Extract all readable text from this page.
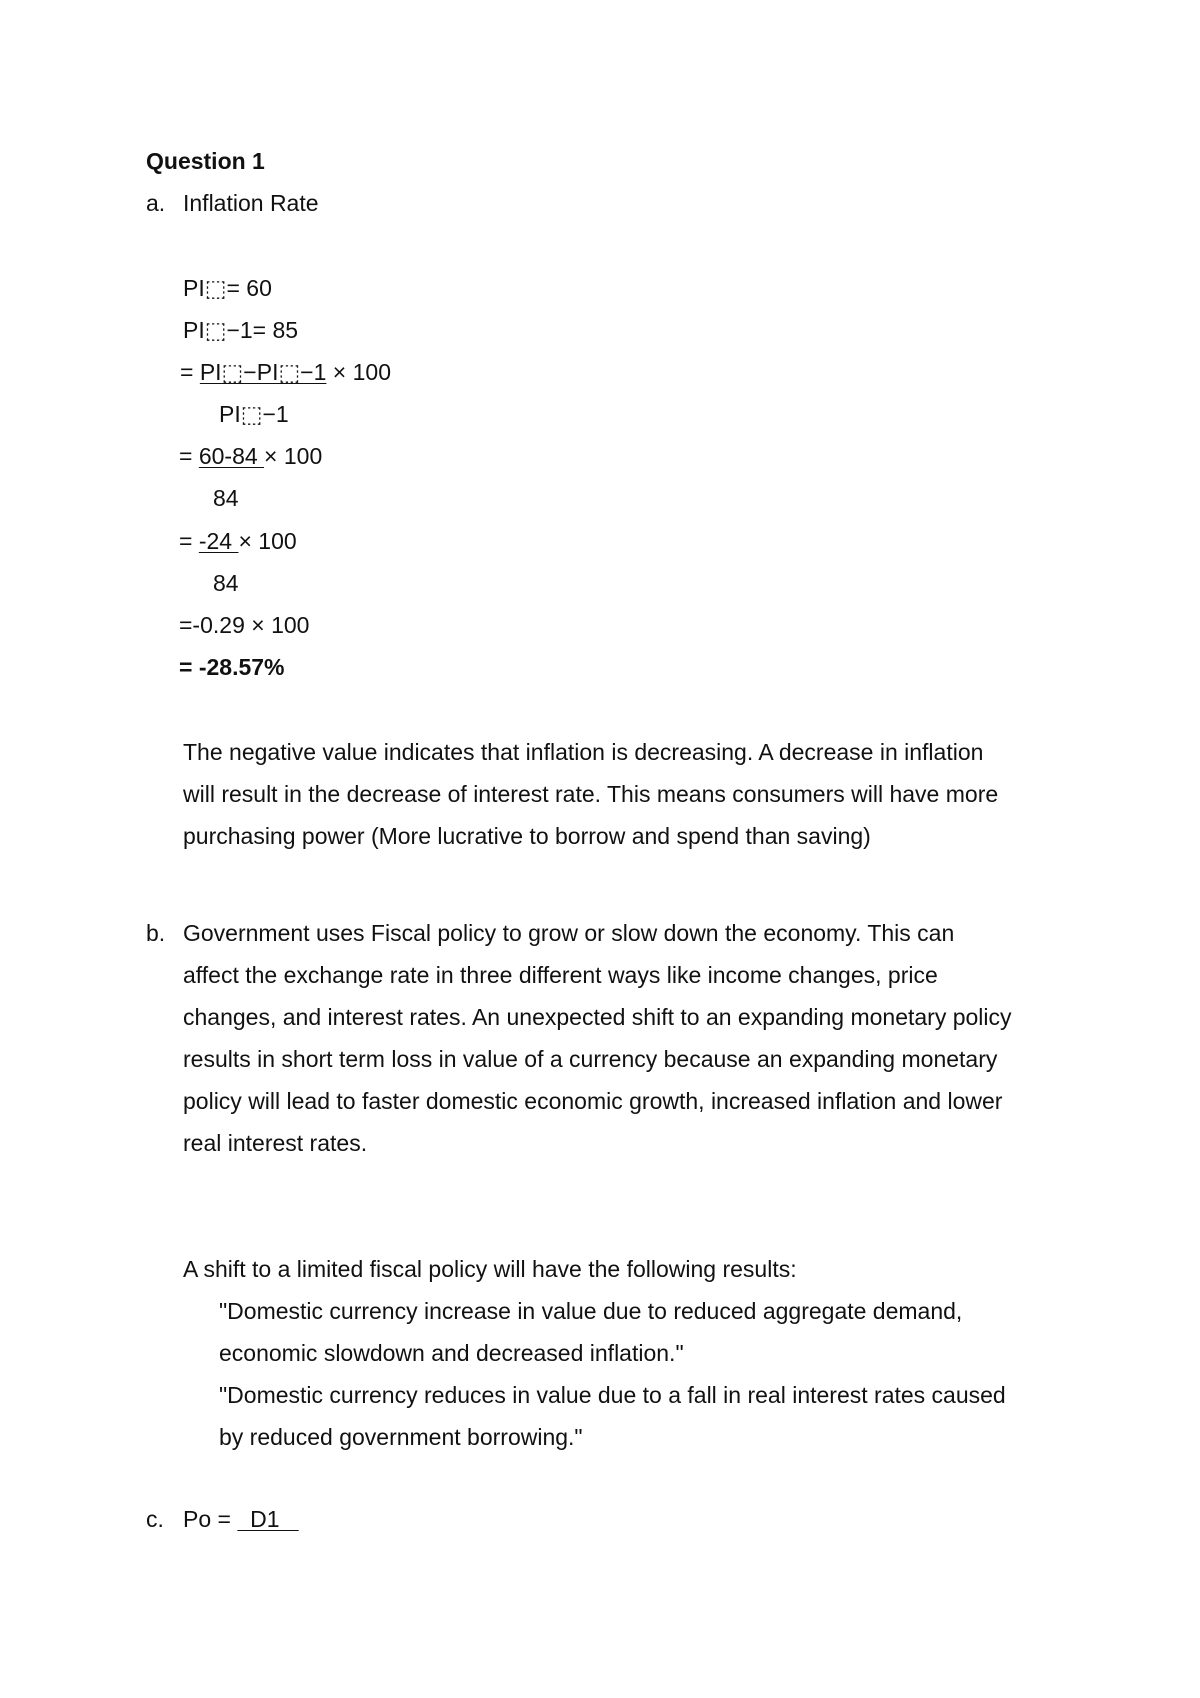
Question 1
a. Inflation Rate
PI⬚= 60
PI⬚−1= 85
= PI⬚−PI⬚−1 × 100
PI⬚−1
= 60-84 × 100
84
= -24 × 100
84
=-0.29 × 100
= -28.57%
The negative value indicates that inflation is decreasing. A decrease in inflation
will result in the decrease of interest rate. This means consumers will have more
purchasing power (More lucrative to borrow and spend than saving)
b. Government uses Fiscal policy to grow or slow down the economy. This can
affect the exchange rate in three different ways like income changes, price
changes, and interest rates. An unexpected shift to an expanding monetary policy
results in short term loss in value of a currency because an expanding monetary
policy will lead to faster domestic economic growth, increased inflation and lower
real interest rates.
A shift to a limited fiscal policy will have the following results:
"Domestic currency increase in value due to reduced aggregate demand,
economic slowdown and decreased inflation."
"Domestic currency reduces in value due to a fall in real interest rates caused
by reduced government borrowing."
c. Po =   D1
